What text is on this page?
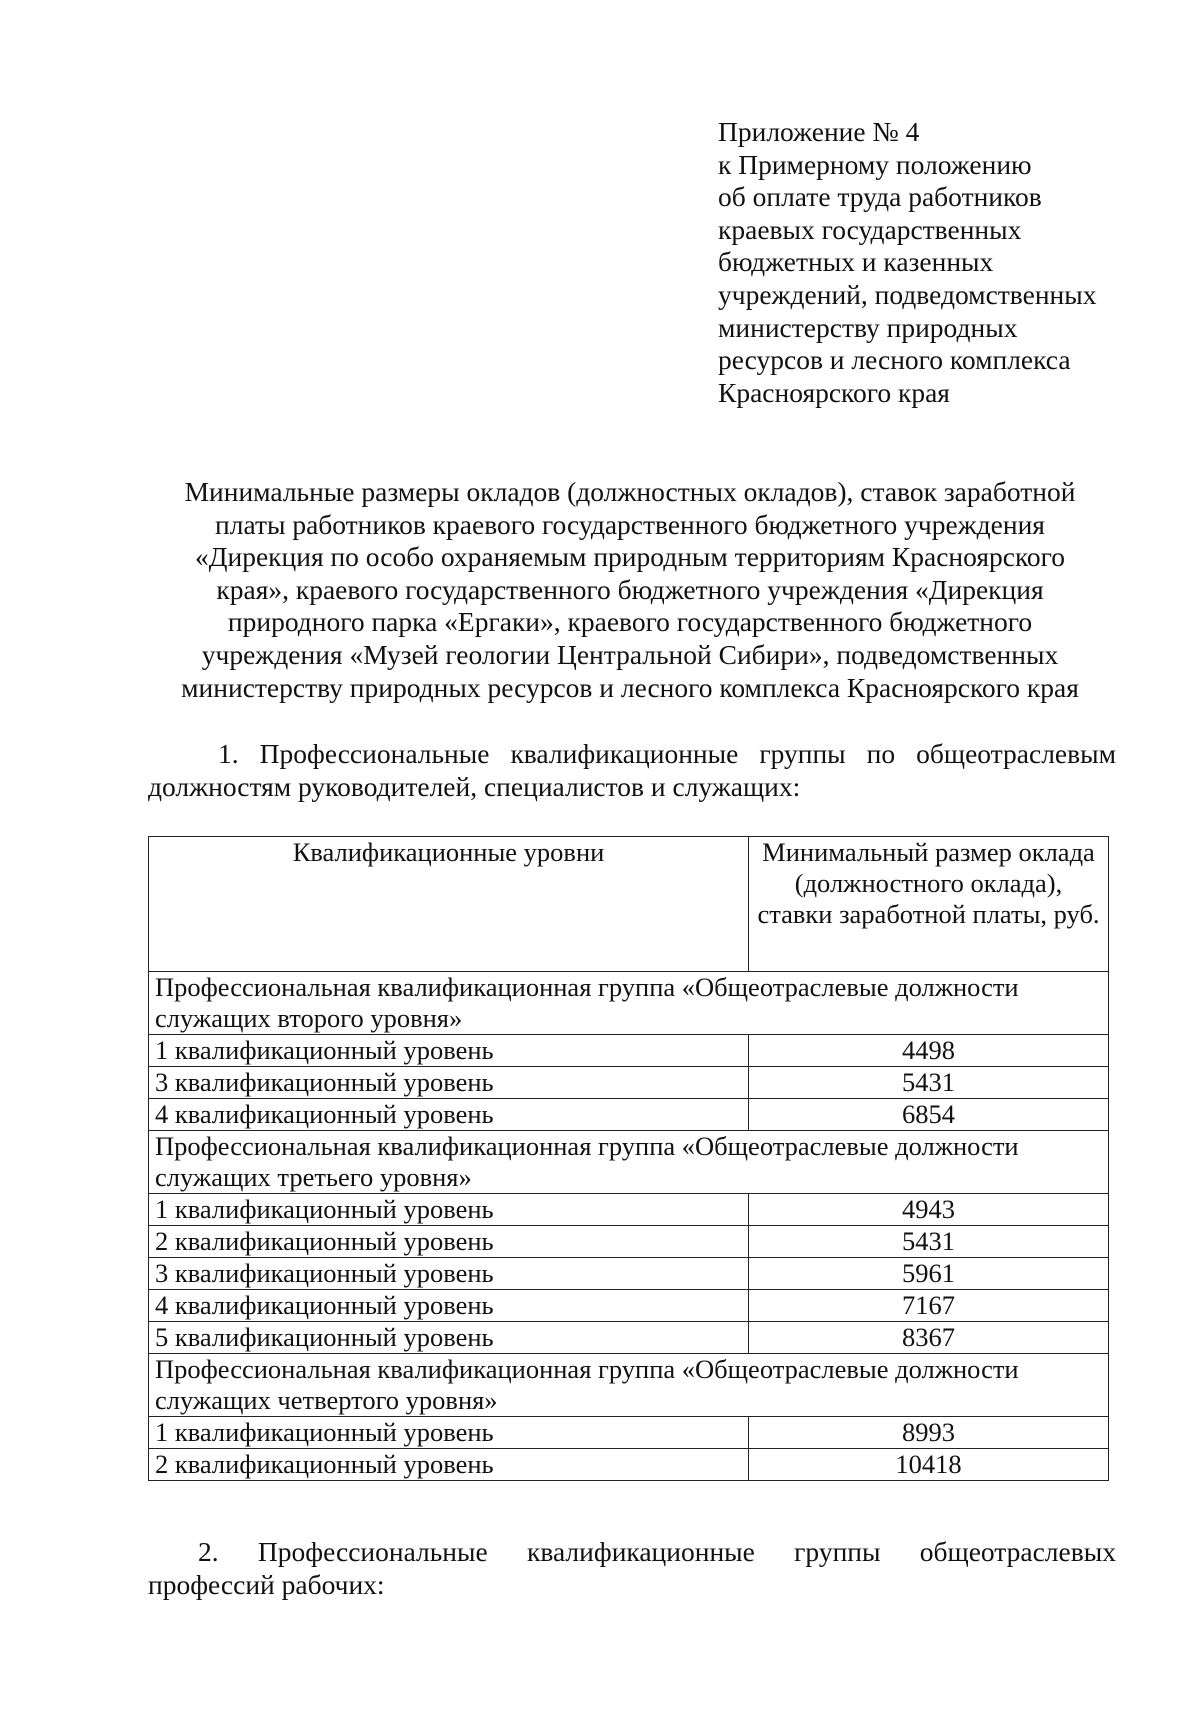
Приложение № 4
к Примерному положению
об оплате труда работников
краевых государственных
бюджетных и казенных
учреждений, подведомственных
министерству природных
ресурсов и лесного комплекса
Красноярского края
Минимальные размеры окладов (должностных окладов), ставок заработной
платы работников краевого государственного бюджетного учреждения
«Дирекция по особо охраняемым природным территориям Красноярского
края», краевого государственного бюджетного учреждения «Дирекция
природного парка «Ергаки», краевого государственного бюджетного
учреждения «Музей геологии Центральной Сибири», подведомственных
министерству природных ресурсов и лесного комплекса Красноярского края
1. Профессиональные квалификационные группы по общеотраслевым
должностям руководителей, специалистов и служащих:
Квалификационные уровни	Минимальный размер оклада (должностного оклада), ставки заработной платы, руб.
Профессиональная квалификационная группа «Общеотраслевые должности служащих второго уровня»	
1 квалификационный уровень	4498
3 квалификационный уровень	5431
4 квалификационный уровень	6854
Профессиональная квалификационная группа «Общеотраслевые должности служащих третьего уровня»	
1 квалификационный уровень	4943
2 квалификационный уровень	5431
3 квалификационный уровень	5961
4 квалификационный уровень	7167
5 квалификационный уровень	8367
Профессиональная квалификационная группа «Общеотраслевые должности служащих четвертого уровня»	
1 квалификационный уровень	8993
2 квалификационный уровень	10418
2. Профессиональные квалификационные группы общеотраслевых
профессий рабочих:
